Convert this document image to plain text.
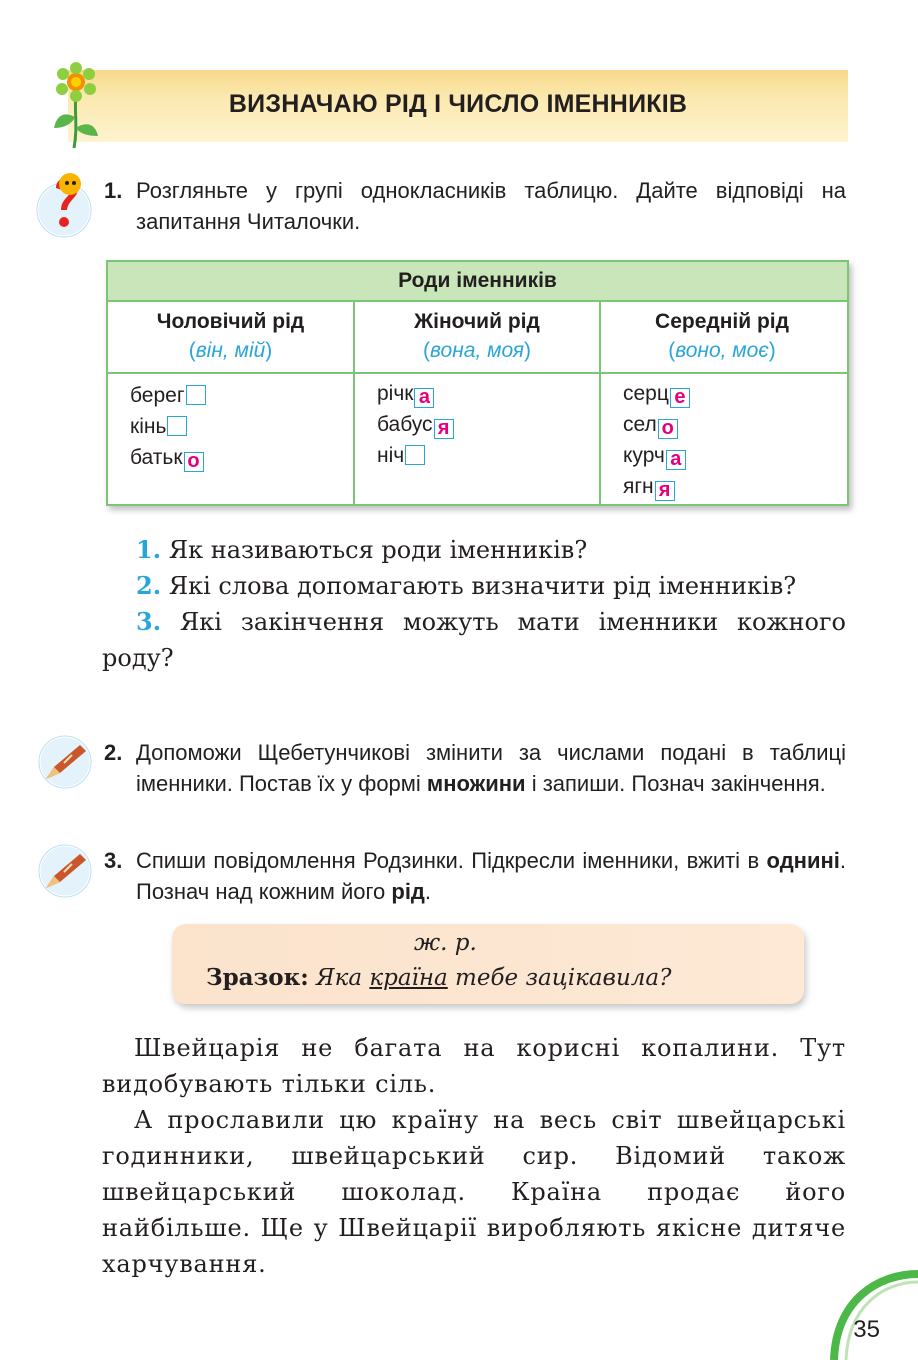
ВИЗНАЧАЮ РІД І ЧИСЛО ІМЕННИКІВ
1. Розгляньте у групі однокласників таблицю. Дайте відповіді на запитання Читалочки.
Роди іменників
Чоловічий рід
(він, мій)
Жіночий рід
(вона, моя)
Середній рід
(воно, моє)
берег
кінь
батьк о
річк а
бабус я
ніч
серц е
сел о
курч а
ягн я
1. Як називаються роди іменників?
2. Які слова допомагають визначити рід іменників?
3. Які закінчення можуть мати іменники кожного роду?
2. Допоможи Щебетунчикові змінити за числами подані в таблиці іменники. Постав їх у формі множини і запиши. Познач закінчення.
3. Спиши повідомлення Родзинки. Підкресли іменники, вжиті в однині. Познач над кожним його рід.
ж. р.
Зразок: Яка країна тебе зацікавила?
Швейцарія не багата на корисні копалини. Тут видобувають тільки сіль.
А прославили цю країну на весь світ швейцарські годинники, швейцарський сир. Відомий також швейцарський шоколад. Країна продає його найбільше. Ще у Швейцарії виробляють якісне дитяче харчування.
35
